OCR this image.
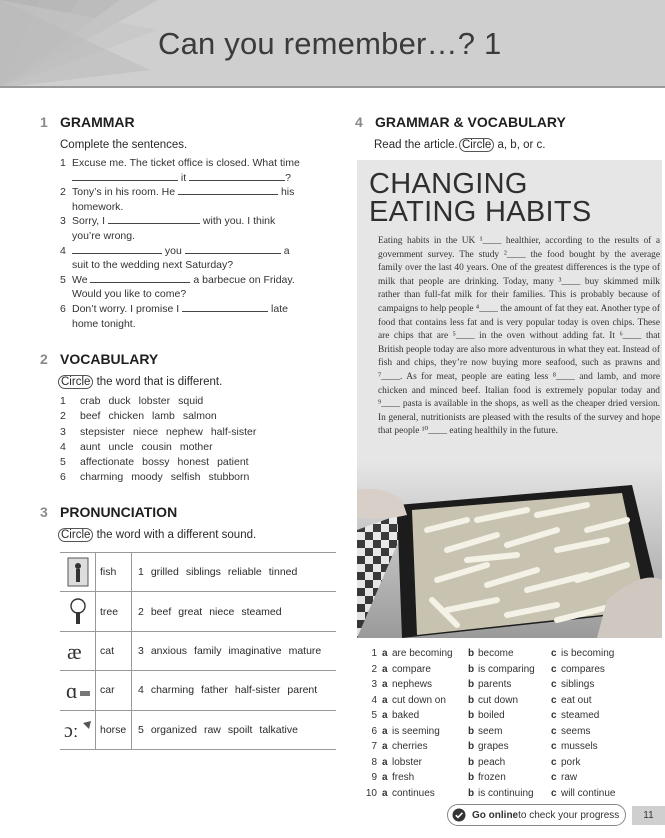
Can you remember…? 1
1 GRAMMAR
Complete the sentences.
1 Excuse me. The ticket office is closed. What time

it
	?
2 Tony’s in his room. He

	his
homework.
3 Sorry, I

	with you. I think
you’re wrong.
4
	you

	a
suit to the wedding next Saturday?
5 We

	a barbecue on Friday.
Would you like to come?
6 Don’t worry. I promise I

	late
home tonight.
2 VOCABULARY
Circle the word that is different.
1	crab duck lobster squid
2	beef chicken lamb salmon
3	stepsister niece nephew half-sister
4	aunt uncle cousin mother
5	affectionate bossy honest patient
6	charming moody selfish stubborn
3 PRONUNCIATION
Circle the word with a different sound.
fish	1 grilled siblings reliable tinned
tree	2 beef great niece steamed
æ	cat	3 anxious family imaginative mature
ɑ	car	4 charming father half-sister parent
ɔː	horse	5 organized raw spoilt talkative
4 GRAMMAR & VOCABULARY
Read the article. Circle a, b, or c.
CHANGING
EATING HABITS
Eating habits in the UK ¹____ healthier, according to the results of a government survey. The study ²____ the food bought by the average family over the last 40 years. One of the greatest differences is the type of milk that people are drinking. Today, many ³____ buy skimmed milk rather than full-fat milk for their families. This is probably because of campaigns to help people ⁴____ the amount of fat they eat. Another type of food that contains less fat and is very popular today is oven chips. These are chips that are ⁵____ in the oven without adding fat. It ⁶____ that British people today are also more adventurous in what they eat. Instead of fish and chips, they’re now buying more seafood, such as prawns and ⁷____. As for meat, people are eating less ⁸____ and lamb, and more chicken and minced beef. Italian food is extremely popular today and ⁹____ pasta is available in the shops, as well as the cheaper dried version. In general, nutritionists are pleased with the results of the survey and hope that people ¹⁰____ eating healthily in the future.
1 a are becoming	b become	c is becoming
2 a compare	b is comparing	c compares
3 a nephews	b parents	c siblings
4 a cut down on	b cut down	c eat out
5 a baked	b boiled	c steamed
6 a is seeming	b seem	c seems
7 a cherries	b grapes	c mussels
8 a lobster	b peach	c pork
9 a fresh	b frozen	c raw
10 a continues	b is continuing	c will continue
Go online to check your progress	11
